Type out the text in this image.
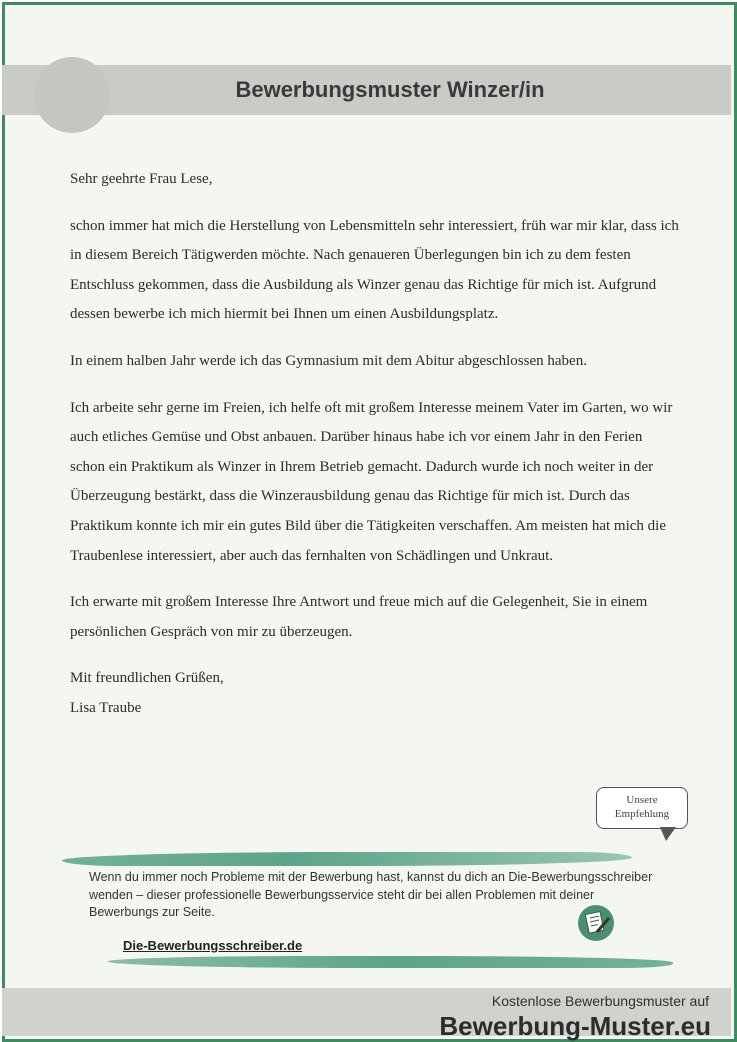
Bewerbungsmuster Winzer/in

Sehr geehrte Frau Lese,

schon immer hat mich die Herstellung von Lebensmitteln sehr interessiert, früh war mir klar, dass ich in diesem Bereich Tätigwerden möchte. Nach genaueren Überlegungen bin ich zu dem festen Entschluss gekommen, dass die Ausbildung als Winzer genau das Richtige für mich ist. Aufgrund dessen bewerbe ich mich hiermit bei Ihnen um einen Ausbildungsplatz.

In einem halben Jahr werde ich das Gymnasium mit dem Abitur abgeschlossen haben.

Ich arbeite sehr gerne im Freien, ich helfe oft mit großem Interesse meinem Vater im Garten, wo wir auch etliches Gemüse und Obst anbauen. Darüber hinaus habe ich vor einem Jahr in den Ferien schon ein Praktikum als Winzer in Ihrem Betrieb gemacht. Dadurch wurde ich noch weiter in der Überzeugung bestärkt, dass die Winzerausbildung genau das Richtige für mich ist. Durch das Praktikum konnte ich mir ein gutes Bild über die Tätigkeiten verschaffen. Am meisten hat mich die Traubenlese interessiert, aber auch das fernhalten von Schädlingen und Unkraut.

Ich erwarte mit großem Interesse Ihre Antwort und freue mich auf die Gelegenheit, Sie in einem persönlichen Gespräch von mir zu überzeugen.

Mit freundlichen Grüßen,

Lisa Traube

Unsere
Empfehlung
Wenn du immer noch Probleme mit der Bewerbung hast, kannst du dich an Die-Bewerbungsschreiber wenden – dieser professionelle Bewerbungsservice steht dir bei allen Problemen mit deiner Bewerbungs zur Seite.
Die-Bewerbungsschreiber.de
Kostenlose Bewerbungsmuster auf
Bewerbung-Muster.eu
